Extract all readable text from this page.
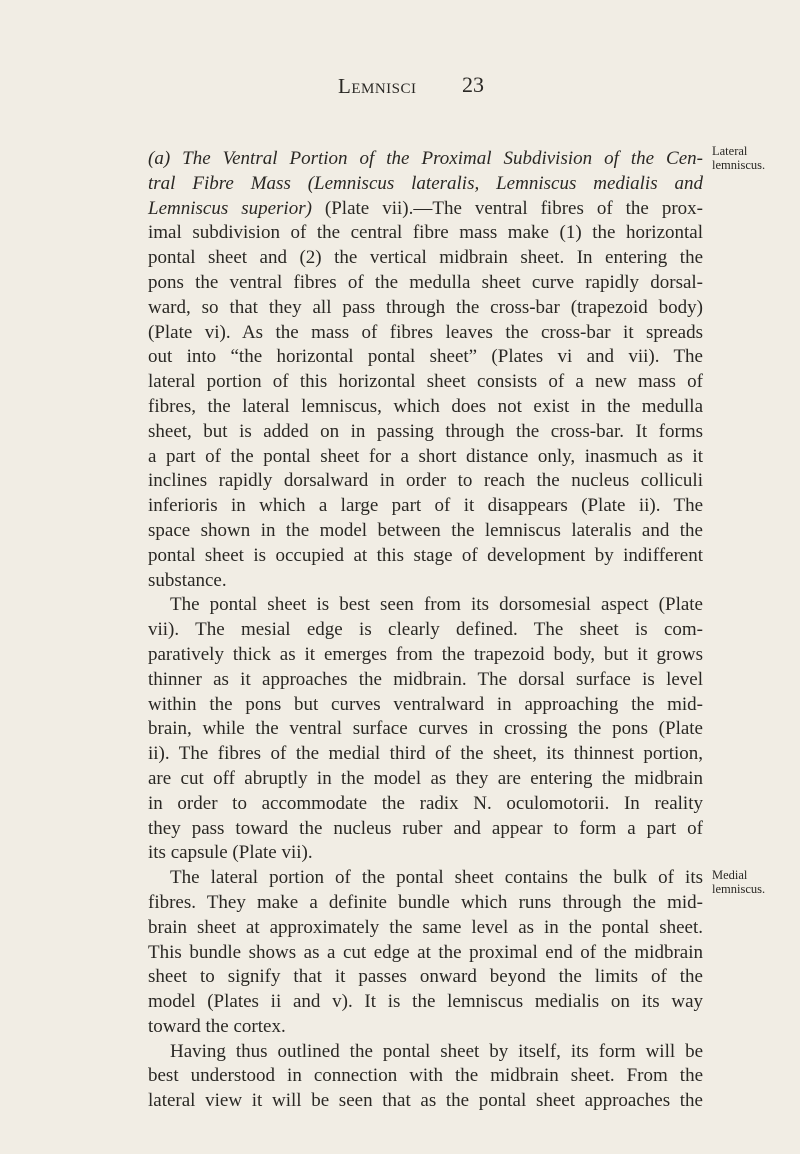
Lemnisci 23
Lateral
lemniscus.
Medial
lemniscus.
(a) The Ventral Portion of the Proximal Subdivision of the Cen-
tral Fibre Mass (Lemniscus lateralis, Lemniscus medialis and
Lemniscus superior) (Plate vii).—The ventral fibres of the prox-
imal subdivision of the central fibre mass make (1) the horizontal
pontal sheet and (2) the vertical midbrain sheet. In entering the
pons the ventral fibres of the medulla sheet curve rapidly dorsal-
ward, so that they all pass through the cross-bar (trapezoid body)
(Plate vi). As the mass of fibres leaves the cross-bar it spreads
out into “the horizontal pontal sheet” (Plates vi and vii). The
lateral portion of this horizontal sheet consists of a new mass of
fibres, the lateral lemniscus, which does not exist in the medulla
sheet, but is added on in passing through the cross-bar. It forms
a part of the pontal sheet for a short distance only, inasmuch as it
inclines rapidly dorsalward in order to reach the nucleus colliculi
inferioris in which a large part of it disappears (Plate ii). The
space shown in the model between the lemniscus lateralis and the
pontal sheet is occupied at this stage of development by indifferent
substance.
The pontal sheet is best seen from its dorsomesial aspect (Plate
vii). The mesial edge is clearly defined. The sheet is com-
paratively thick as it emerges from the trapezoid body, but it grows
thinner as it approaches the midbrain. The dorsal surface is level
within the pons but curves ventralward in approaching the mid-
brain, while the ventral surface curves in crossing the pons (Plate
ii). The fibres of the medial third of the sheet, its thinnest portion,
are cut off abruptly in the model as they are entering the midbrain
in order to accommodate the radix N. oculomotorii. In reality
they pass toward the nucleus ruber and appear to form a part of
its capsule (Plate vii).
The lateral portion of the pontal sheet contains the bulk of its
fibres. They make a definite bundle which runs through the mid-
brain sheet at approximately the same level as in the pontal sheet.
This bundle shows as a cut edge at the proximal end of the midbrain
sheet to signify that it passes onward beyond the limits of the
model (Plates ii and v). It is the lemniscus medialis on its way
toward the cortex.
Having thus outlined the pontal sheet by itself, its form will be
best understood in connection with the midbrain sheet. From the
lateral view it will be seen that as the pontal sheet approaches the
